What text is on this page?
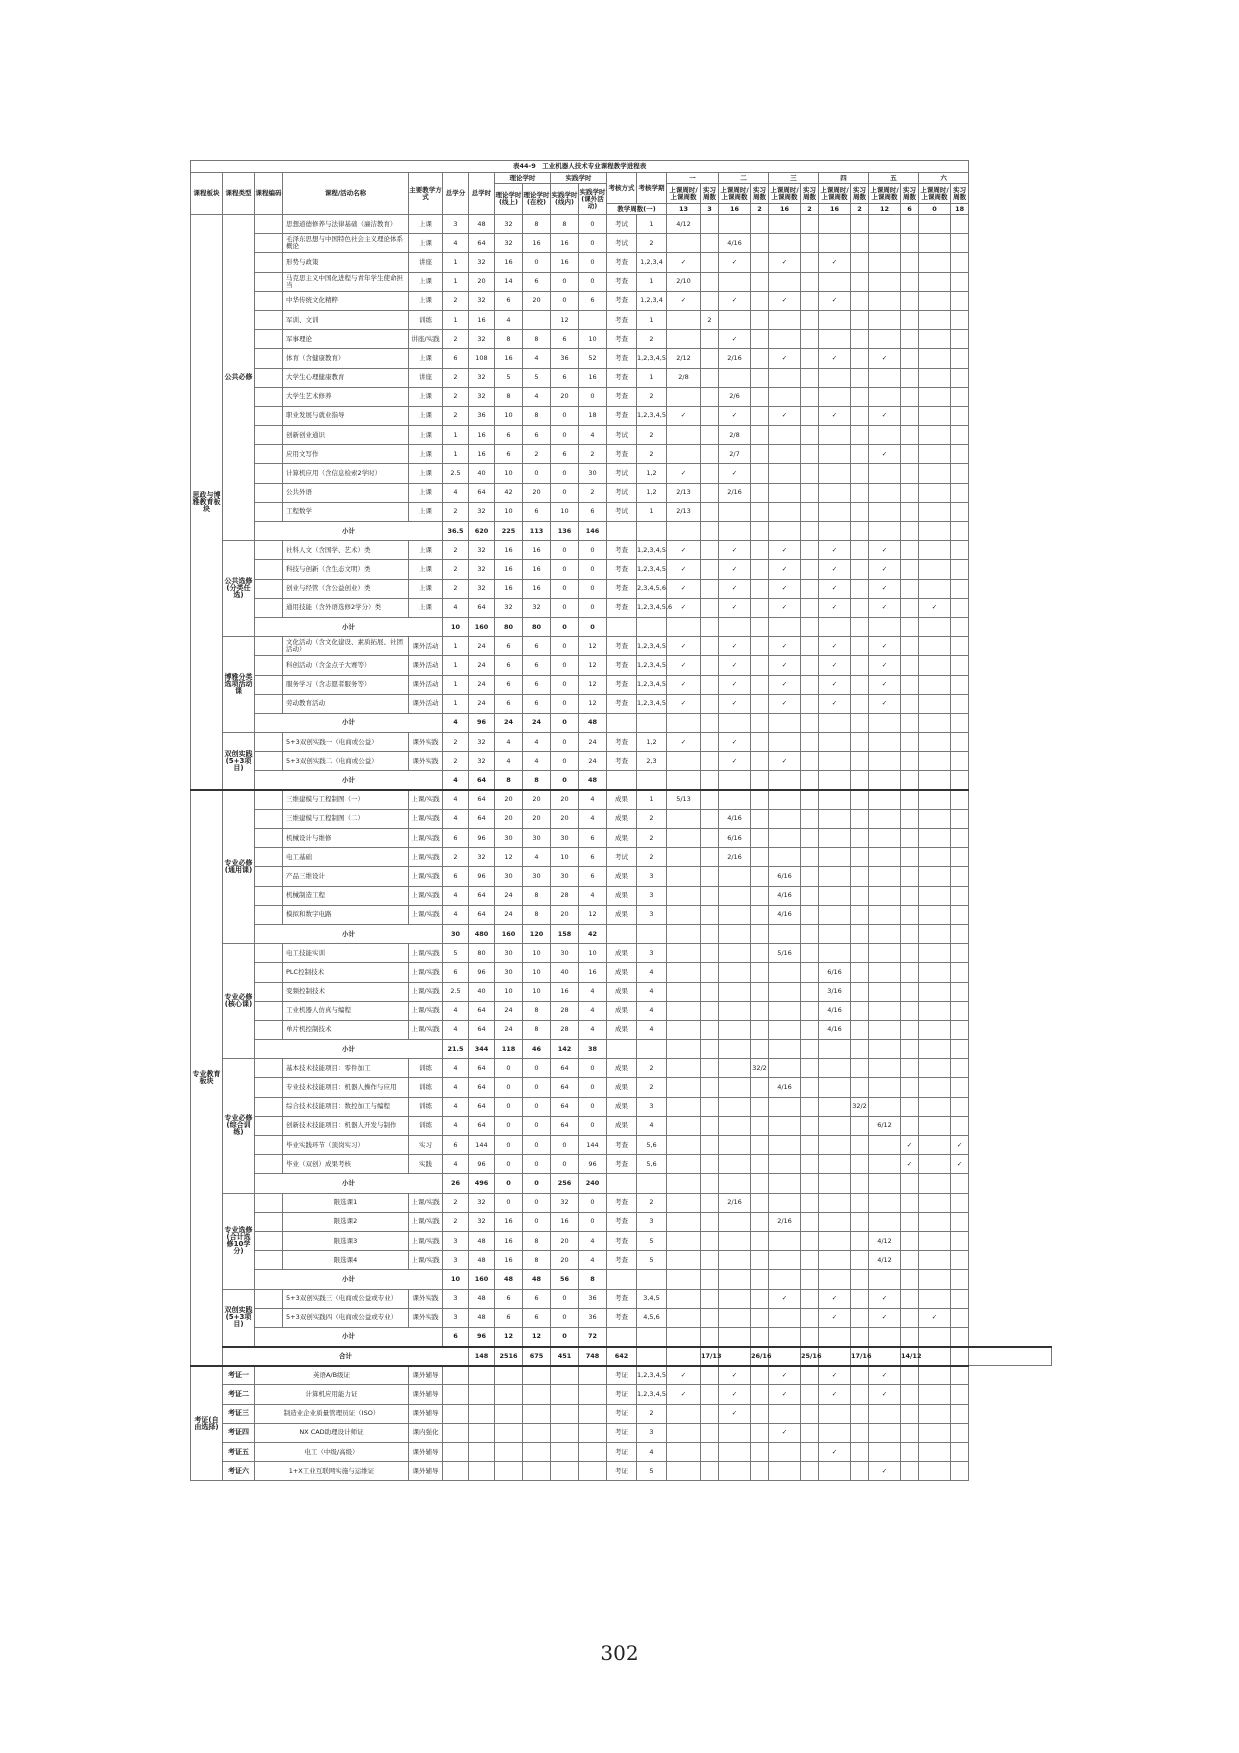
表44-9　工业机器人技术专业课程教学进程表																									
课程板块	课程类型	课程编码	课程/活动名称	主要教学方式	总学分	总学时	理论学时		实践学时		考核方式	考核学期	一		二		三		四		五		六		
							理论学时(线上)	理论学时(在校)	实践学时(线内)	实践学时(课外活动)			上课周时/上课周数	实习周数	上课周时/上课周数	实习周数	上课周时/上课周数	实习周数	上课周时/上课周数	实习周数	上课周时/上课周数	实习周数	上课周时/上课周数	实习周数	
											教学周数(一)		13	3	16	2	16	2	16	2	12	6	0	18	
思政与博雅教育板块	公共必修		思想道德修养与法律基础（廉洁教育）	上课	3	48	32	8	8	0	考试	1	4/12												
			毛泽东思想与中国特色社会主义理论体系概论	上课	4	64	32	16	16	0	考试	2			4/16										
			形势与政策	讲座	1	32	16	0	16	0	考查	1,2,3,4	✓		✓		✓		✓						
			马克思主义中国化进程与青年学生使命担当	上课	1	20	14	6	0	0	考查	1	2/10												
			中华传统文化精粹	上课	2	32	6	20	0	6	考查	1,2,3,4	✓		✓		✓		✓						
			军训、文训	训练	1	16	4		12		考查	1		2											
			军事理论	讲座/实践	2	32	8	8	6	10	考查	2			✓										
			体育（含健康教育）	上课	6	108	16	4	36	52	考查	1,2,3,4,5	2/12		2/16		✓		✓		✓				
			大学生心理健康教育	讲座	2	32	5	5	6	16	考查	1	2/8												
			大学生艺术修养	上课	2	32	8	4	20	0	考查	2			2/6										
			职业发展与就业指导	上课	2	36	10	8	0	18	考查	1,2,3,4,5	✓		✓		✓		✓		✓				
			创新创业通识	上课	1	16	6	6	0	4	考试	2			2/8										
			应用文写作	上课	1	16	6	2	6	2	考查	2			2/7						✓				
			计算机应用（含信息检索2学时）	上课	2.5	40	10	0	0	30	考试	1,2	✓		✓										
			公共外语	上课	4	64	42	20	0	2	考试	1,2	2/13		2/16										
			工程数学	上课	2	32	10	6	10	6	考试	1	2/13												
		小计			36.5	620	225	113	136	146															
	公共选修(分类任选)		社科人文（含国学、艺术）类	上课	2	32	16	16	0	0	考查	1,2,3,4,5	✓		✓		✓		✓		✓				
			科技与创新（含生态文明）类	上课	2	32	16	16	0	0	考查	1,2,3,4,5	✓		✓		✓		✓		✓				
			创业与经管（含公益创业）类	上课	2	32	16	16	0	0	考查	2,3,4,5,6	✓		✓		✓		✓		✓				
			通用技能（含外语选修2学分）类	上课	4	64	32	32	0	0	考查	1,2,3,4,5,6	✓		✓		✓		✓		✓		✓		
		小计			10	160	80	80	0	0															
	博雅分类选项活动课		文化活动（含文化建设、素质拓展、社团活动）	课外活动	1	24	6	6	0	12	考查	1,2,3,4,5	✓		✓		✓		✓		✓				
			科创活动（含金点子大赛等）	课外活动	1	24	6	6	0	12	考查	1,2,3,4,5	✓		✓		✓		✓		✓				
			服务学习（含志愿者服务等）	课外活动	1	24	6	6	0	12	考查	1,2,3,4,5	✓		✓		✓		✓		✓				
			劳动教育活动	课外活动	1	24	6	6	0	12	考查	1,2,3,4,5	✓		✓		✓		✓		✓				
		小计			4	96	24	24	0	48															
	双创实践(5+3项目)		5+3双创实践一（电商或公益）	课外实践	2	32	4	4	0	24	考查	1,2	✓		✓										
			5+3双创实践二（电商或公益）	课外实践	2	32	4	4	0	24	考查	2,3			✓		✓								
		小计			4	64	8	8	0	48															
专业教育板块	专业必修(通用课)		三维建模与工程制图（一）	上课/实践	4	64	20	20	20	4	成果	1	5/13												
			三维建模与工程制图（二）	上课/实践	4	64	20	20	20	4	成果	2			4/16										
			机械设计与维修	上课/实践	6	96	30	30	30	6	成果	2			6/16										
			电工基础	上课/实践	2	32	12	4	10	6	考试	2			2/16										
			产品三维设计	上课/实践	6	96	30	30	30	6	成果	3					6/16								
			机械制造工程	上课/实践	4	64	24	8	28	4	成果	3					4/16								
			模拟和数字电路	上课/实践	4	64	24	8	20	12	成果	3					4/16								
		小计			30	480	160	120	158	42															
	专业必修(核心课)		电工技能实训	上课/实践	5	80	30	10	30	10	成果	3					5/16								
			PLC控制技术	上课/实践	6	96	30	10	40	16	成果	4							6/16						
			变频控制技术	上课/实践	2.5	40	10	10	16	4	成果	4							3/16						
			工业机器人仿真与编程	上课/实践	4	64	24	8	28	4	成果	4							4/16						
			单片机控制技术	上课/实践	4	64	24	8	28	4	成果	4							4/16						
		小计			21.5	344	118	46	142	38															
	专业必修(综合训练)		基本技术技能项目：零件加工	训练	4	64	0	0	64	0	成果	2				32/2									
			专业技术技能项目：机器人操作与应用	训练	4	64	0	0	64	0	成果	2					4/16								
			综合技术技能项目：数控加工与编程	训练	4	64	0	0	64	0	成果	3								32/2					
			创新技术技能项目：机器人开发与制作	训练	4	64	0	0	64	0	成果	4									6/12				
			毕业实践环节（顶岗实习）	实习	6	144	0	0	0	144	考查	5,6										✓		✓	
			毕业（双创）成果考核	实践	4	96	0	0	0	96	考查	5,6										✓		✓	
		小计			26	496	0	0	256	240															
	专业选修(合计选修10学分)		限选课1	上课/实践	2	32	0	0	32	0	考查	2			2/16										
			限选课2	上课/实践	2	32	16	0	16	0	考查	3					2/16								
			限选课3	上课/实践	3	48	16	8	20	4	考查	5									4/12				
			限选课4	上课/实践	3	48	16	8	20	4	考查	5									4/12				
		小计			10	160	48	48	56	8															
	双创实践(5+3项目)		5+3双创实践三（电商或公益或专业）	课外实践	3	48	6	6	0	36	考查	3,4,5					✓		✓		✓				
			5+3双创实践四（电商或公益或专业）	课外实践	3	48	6	6	0	36	考查	4,5,6							✓		✓		✓		
		小计			6	96	12	12	0	72															
	合计					148	2516	675	451	748	642			17/13		26/16		25/16		17/16		14/12			
考证(自由选择)	考证一	英语A/B级证		课外辅导							考证	1,2,3,4,5	✓		✓		✓		✓		✓				
	考证二	计算机应用能力证		课外辅导							考证	1,2,3,4,5	✓		✓		✓		✓		✓				
	考证三	制造业企业质量管理员证（ISO）		课外辅导							考证	2			✓										
	考证四	NX CAD助理设计师证		课内强化							考证	3					✓								
	考证五	电工（中级/高级）		课外辅导							考证	4							✓						
	考证六	1+X工业互联网实施与运维证		课外辅导							考证	5									✓				
302
